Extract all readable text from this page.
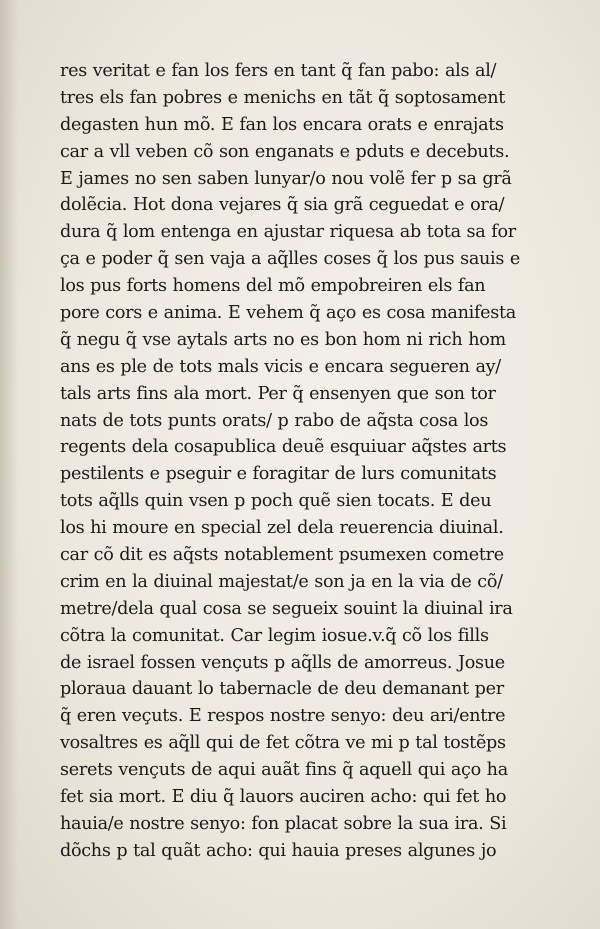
res veritat e fan los fers en tant q̃ fan pabo: als al/
tres els fan pobres e menichs en tãt q̃ soptosament
degasten hun mõ. E fan los encara orats e enrajats
car a vll veben cõ son enganats e pduts e decebuts.
E james no sen saben lunyar/o nou volẽ fer p sa grã
dolẽcia. Hot dona vejares q̃ sia grã ceguedat e ora/
dura q̃ lom entenga en ajustar riquesa ab tota sa for
ça e poder q̃ sen vaja a aq̃lles coses q̃ los pus sauis e
los pus forts homens del mõ empobreiren els fan
pore cors e anima. E vehem q̃ aço es cosa manifesta
q̃ negu q̃ vse aytals arts no es bon hom ni rich hom
ans es ple de tots mals vicis e encara segueren ay/
tals arts fins ala mort. Per q̃ ensenyen que son tor
nats de tots punts orats/ p rabo de aq̃sta cosa los
regents dela cosapublica deuẽ esquiuar aq̃stes arts
pestilents e pseguir e foragitar de lurs comunitats
tots aq̃lls quin vsen p poch quẽ sien tocats. E deu
los hi moure en special zel dela reuerencia diuinal.
car cõ dit es aq̃sts notablement psumexen cometre
crim en la diuinal majestat/e son ja en la via de cõ/
metre/dela qual cosa se segueix souint la diuinal ira
cõtra la comunitat. Car legim iosue.v.q̃ cõ los fills
de israel fossen vençuts p aq̃lls de amorreus. Josue
ploraua dauant lo tabernacle de deu demanant per
q̃ eren veçuts. E respos nostre senyo: deu ari/entre
vosaltres es aq̃ll qui de fet cõtra ve mi p tal tostẽps
serets vençuts de aqui auãt fins q̃ aquell qui aço ha
fet sia mort. E diu q̃ lauors auciren acho: qui fet ho
hauia/e nostre senyo: fon placat sobre la sua ira. Si
dõchs p tal quãt acho: qui hauia preses algunes jo
